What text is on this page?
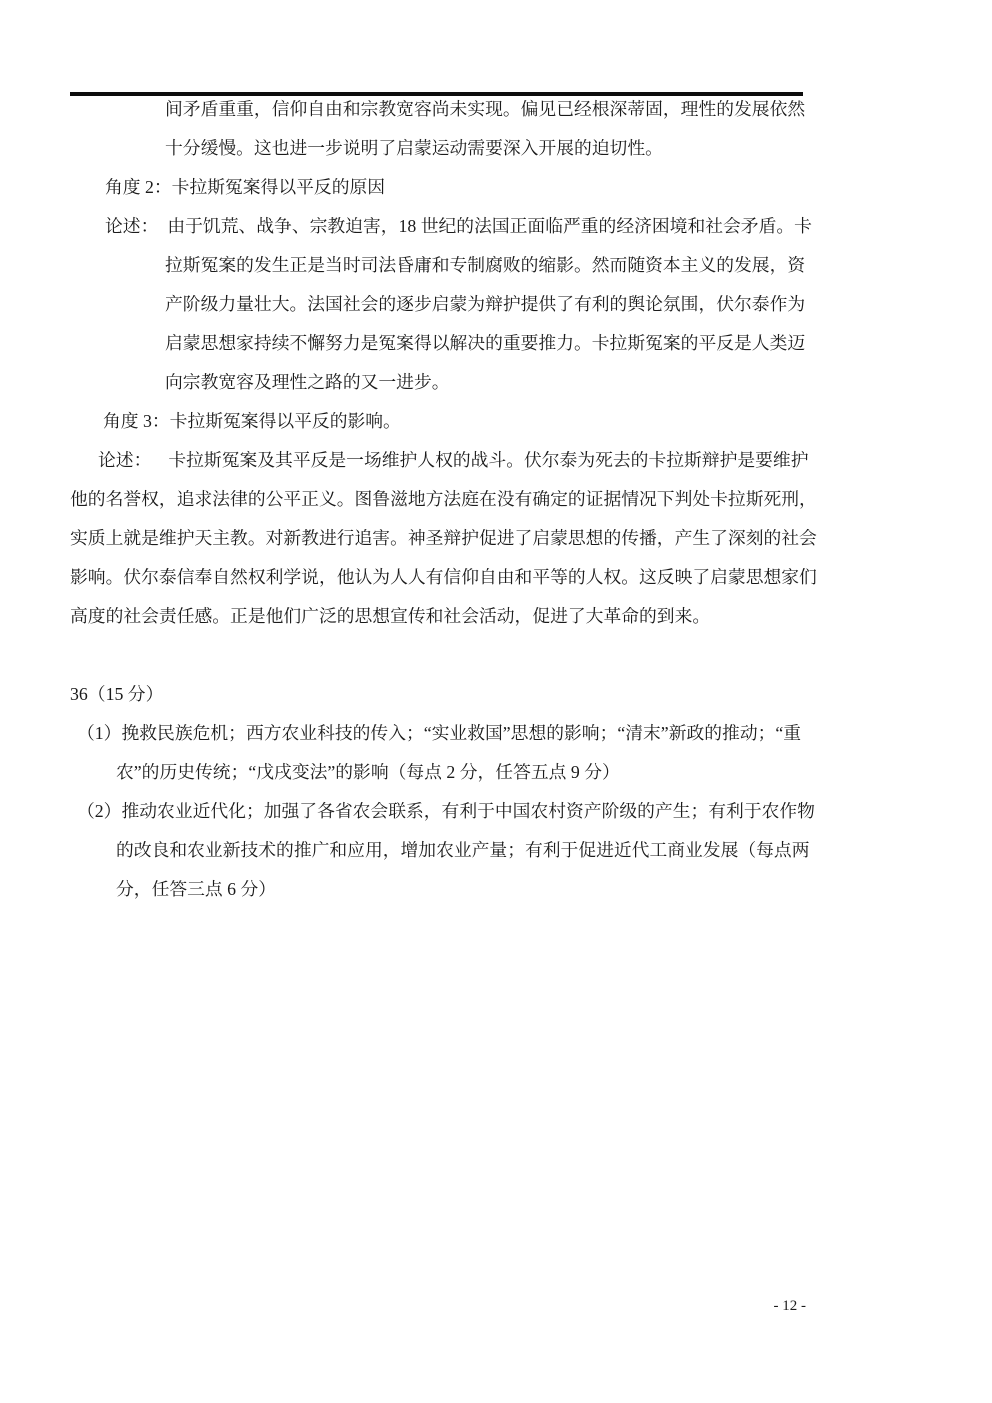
间矛盾重重，信仰自由和宗教宽容尚未实现。偏见已经根深蒂固，理性的发展依然

十分缓慢。这也进一步说明了启蒙运动需要深入开展的迫切性。

角度 2：卡拉斯冤案得以平反的原因

论述： 由于饥荒、战争、宗教迫害，18 世纪的法国正面临严重的经济困境和社会矛盾。卡

拉斯冤案的发生正是当时司法昏庸和专制腐败的缩影。然而随资本主义的发展，资

产阶级力量壮大。法国社会的逐步启蒙为辩护提供了有利的舆论氛围，伏尔泰作为

启蒙思想家持续不懈努力是冤案得以解决的重要推力。卡拉斯冤案的平反是人类迈

向宗教宽容及理性之路的又一进步。

角度 3：卡拉斯冤案得以平反的影响。

论述： 卡拉斯冤案及其平反是一场维护人权的战斗。伏尔泰为死去的卡拉斯辩护是要维护

他的名誉权，追求法律的公平正义。图鲁滋地方法庭在没有确定的证据情况下判处卡拉斯死刑，

实质上就是维护天主教。对新教进行追害。神圣辩护促进了启蒙思想的传播，产生了深刻的社会

影响。伏尔泰信奉自然权利学说，他认为人人有信仰自由和平等的人权。这反映了启蒙思想家们

高度的社会责任感。正是他们广泛的思想宣传和社会活动，促进了大革命的到来。

36（15 分）

（1）挽救民族危机；西方农业科技的传入；“实业救国”思想的影响；“清末”新政的推动；“重

农”的历史传统；“戊戌变法”的影响（每点 2 分，任答五点 9 分）

（2）推动农业近代化；加强了各省农会联系，有利于中国农村资产阶级的产生；有利于农作物

的改良和农业新技术的推广和应用，增加农业产量；有利于促进近代工商业发展（每点两

分，任答三点 6 分）

- 12 -
